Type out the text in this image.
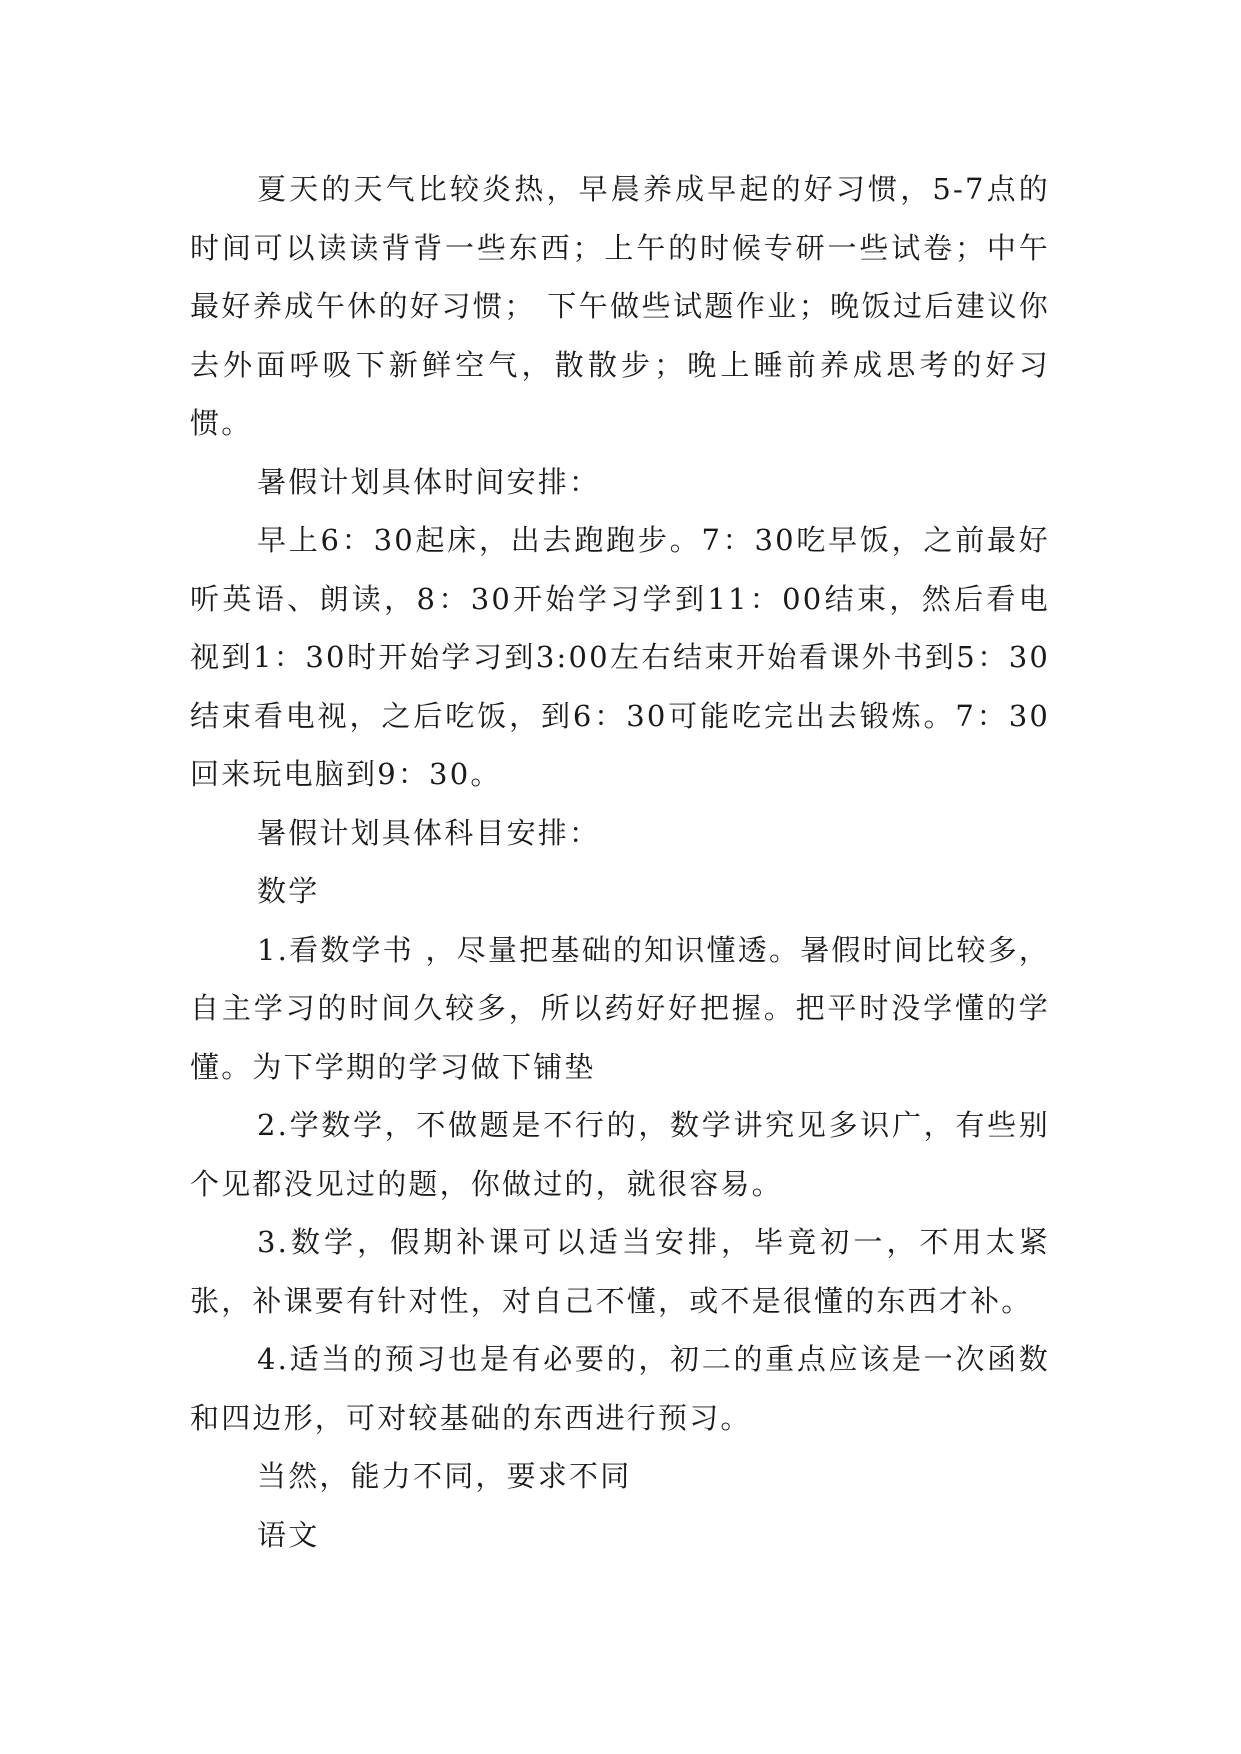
夏天的天气比较炎热，早晨养成早起的好习惯，5-7点的时间可以读读背背一些东西；上午的时候专研一些试卷；中午最好养成午休的好习惯； 下午做些试题作业；晚饭过后建议你去外面呼吸下新鲜空气，散散步；晚上睡前养成思考的好习惯。

暑假计划具体时间安排：

早上6：30起床，出去跑跑步。7：30吃早饭，之前最好听英语、朗读，8：30开始学习学到11：00结束，然后看电视到1：30时开始学习到3:00左右结束开始看课外书到5：30结束看电视，之后吃饭，到6：30可能吃完出去锻炼。7：30回来玩电脑到9：30。

暑假计划具体科目安排：

数学

1.看数学书 ，尽量把基础的知识懂透。暑假时间比较多，自主学习的时间久较多，所以药好好把握。把平时没学懂的学懂。为下学期的学习做下铺垫

2.学数学，不做题是不行的，数学讲究见多识广，有些别个见都没见过的题，你做过的，就很容易。

3.数学，假期补课可以适当安排，毕竟初一，不用太紧张，补课要有针对性，对自己不懂，或不是很懂的东西才补。

4.适当的预习也是有必要的，初二的重点应该是一次函数和四边形，可对较基础的东西进行预习。

当然，能力不同，要求不同

语文
